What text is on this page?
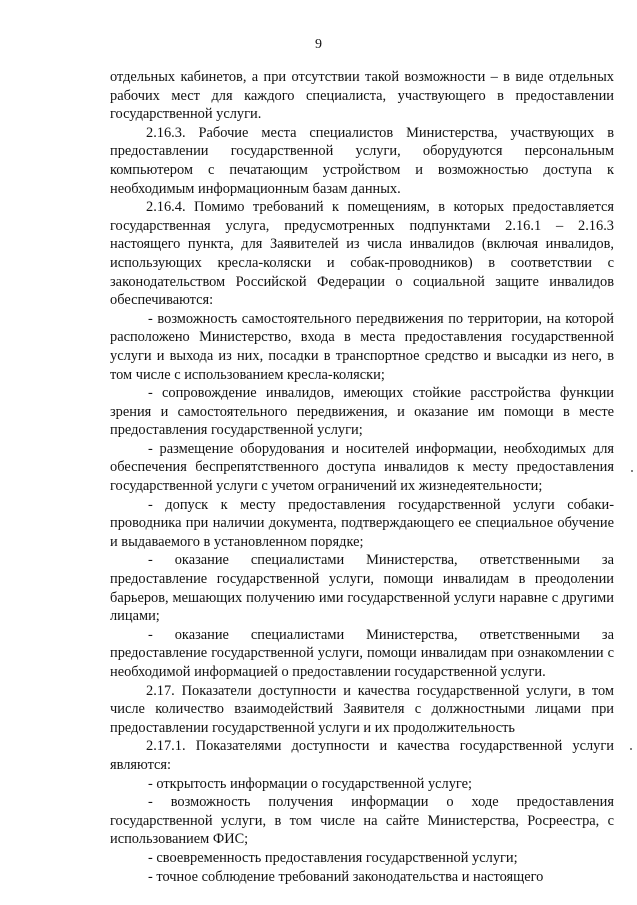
9

отдельных кабинетов, а при отсутствии такой возможности – в виде отдельных рабочих мест для каждого специалиста, участвующего в предоставлении государственной услуги.

2.16.3. Рабочие места специалистов Министерства, участвующих в предоставлении государственной услуги, оборудуются персональным компьютером с печатающим устройством и возможностью доступа к необходимым информационным базам данных.

2.16.4. Помимо требований к помещениям, в которых предоставляется государственная услуга, предусмотренных подпунктами 2.16.1 – 2.16.3 настоящего пункта, для Заявителей из числа инвалидов (включая инвалидов, использующих кресла-коляски и собак-проводников) в соответствии с законодательством Российской Федерации о социальной защите инвалидов обеспечиваются:

- возможность самостоятельного передвижения по территории, на которой расположено Министерство, входа в места предоставления государственной услуги и выхода из них, посадки в транспортное средство и высадки из него, в том числе с использованием кресла-коляски;

- сопровождение инвалидов, имеющих стойкие расстройства функции зрения и самостоятельного передвижения, и оказание им помощи в месте предоставления государственной услуги;

- размещение оборудования и носителей информации, необходимых для обеспечения беспрепятственного доступа инвалидов к месту предоставления государственной услуги с учетом ограничений их жизнедеятельности;

- допуск к месту предоставления государственной услуги собаки-проводника при наличии документа, подтверждающего ее специальное обучение и выдаваемого в установленном порядке;

- оказание специалистами Министерства, ответственными за предоставление государственной услуги, помощи инвалидам в преодолении барьеров, мешающих получению ими государственной услуги наравне с другими лицами;

- оказание специалистами Министерства, ответственными за предоставление государственной услуги, помощи инвалидам при ознакомлении с необходимой информацией о предоставлении государственной услуги.

2.17. Показатели доступности и качества государственной услуги, в том числе количество взаимодействий Заявителя с должностными лицами при предоставлении государственной услуги и их продолжительность

2.17.1. Показателями доступности и качества государственной услуги являются:

- открытость информации о государственной услуге;

- возможность получения информации о ходе предоставления государственной услуги, в том числе на сайте Министерства, Росреестра, с использованием ФИС;

- своевременность предоставления государственной услуги;

- точное соблюдение требований законодательства и настоящего
